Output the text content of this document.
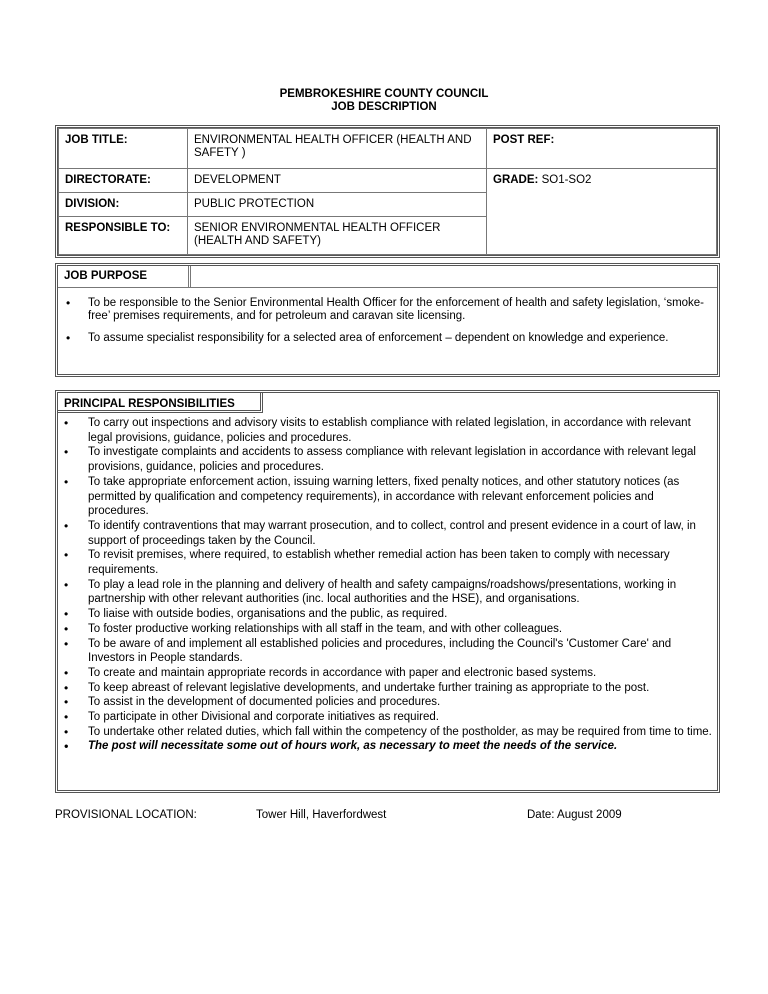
PEMBROKESHIRE COUNTY COUNCIL
JOB DESCRIPTION
JOB TITLE:	ENVIRONMENTAL HEALTH OFFICER (HEALTH AND SAFETY )	POST REF:
DIRECTORATE:	DEVELOPMENT	GRADE: SO1-SO2
DIVISION:	PUBLIC PROTECTION	
RESPONSIBLE TO:	SENIOR ENVIRONMENTAL HEALTH OFFICER (HEALTH AND SAFETY)	
JOB PURPOSE
• To be responsible to the Senior Environmental Health Officer for the enforcement of health and safety legislation, ‘smoke-free’ premises requirements, and for petroleum and caravan site licensing.
• To assume specialist responsibility for a selected area of enforcement – dependent on knowledge and experience.
PRINCIPAL RESPONSIBILITIES
• To carry out inspections and advisory visits to establish compliance with related legislation, in accordance with relevant legal provisions, guidance, policies and procedures.
• To investigate complaints and accidents to assess compliance with relevant legislation in accordance with relevant legal provisions, guidance, policies and procedures.
• To take appropriate enforcement action, issuing warning letters, fixed penalty notices, and other statutory notices (as permitted by qualification and competency requirements), in accordance with relevant enforcement policies and procedures.
• To identify contraventions that may warrant prosecution, and to collect, control and present evidence in a court of law, in support of proceedings taken by the Council.
• To revisit premises, where required, to establish whether remedial action has been taken to comply with necessary requirements.
• To play a lead role in the planning and delivery of health and safety campaigns/roadshows/presentations, working in partnership with other relevant authorities (inc. local authorities and the HSE), and organisations.
• To liaise with outside bodies, organisations and the public, as required.
• To foster productive working relationships with all staff in the team, and with other colleagues.
• To be aware of and implement all established policies and procedures, including the Council's 'Customer Care' and Investors in People standards.
• To create and maintain appropriate records in accordance with paper and electronic based systems.
• To keep abreast of relevant legislative developments, and undertake further training as appropriate to the post.
• To assist in the development of documented policies and procedures.
• To participate in other Divisional and corporate initiatives as required.
• To undertake other related duties, which fall within the competency of the postholder, as may be required from time to time.
• The post will necessitate some out of hours work, as necessary to meet the needs of the service.
PROVISIONAL LOCATION:	Tower Hill, Haverfordwest	Date: August 2009
